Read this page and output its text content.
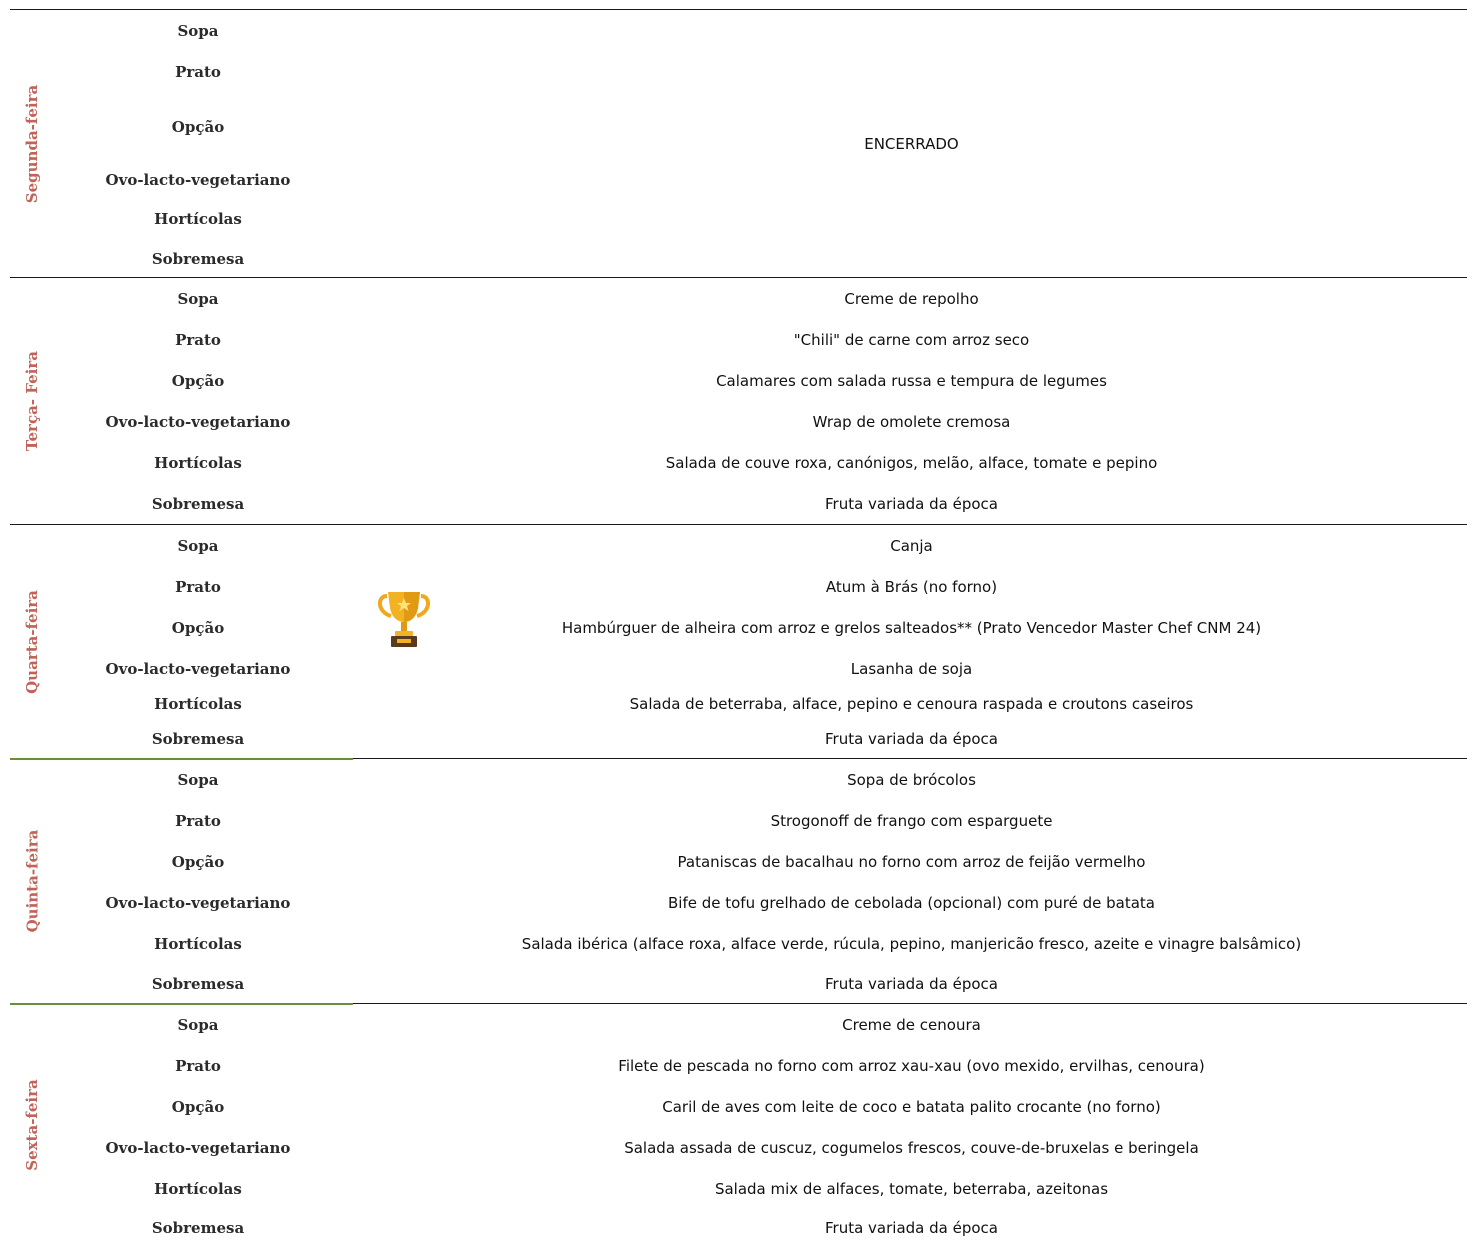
Segunda-feira
Sopa
Prato
Opção
Ovo-lacto-vegetariano
Hortícolas
Sobremesa
ENCERRADO
Terça- Feira
Sopa	Creme de repolho
Prato	"Chili" de carne com arroz seco
Opção	Calamares com salada russa e tempura de legumes
Ovo-lacto-vegetariano	Wrap de omolete cremosa
Hortícolas	Salada de couve roxa, canónigos, melão, alface, tomate e pepino
Sobremesa	Fruta variada da época
Quarta-feira
Sopa	Canja
Prato	Atum à Brás (no forno)
Opção	Hambúrguer de alheira com arroz e grelos salteados** (Prato Vencedor Master Chef CNM 24)
Ovo-lacto-vegetariano	Lasanha de soja
Hortícolas	Salada de beterraba, alface, pepino e cenoura raspada e croutons caseiros
Sobremesa	Fruta variada da época
Quinta-feira
Sopa	Sopa de brócolos
Prato	Strogonoff de frango com esparguete
Opção	Pataniscas de bacalhau no forno com arroz de feijão vermelho
Ovo-lacto-vegetariano	Bife de tofu grelhado de cebolada (opcional) com puré de batata
Hortícolas	Salada ibérica (alface roxa, alface verde, rúcula, pepino, manjericão fresco, azeite e vinagre balsâmico)
Sobremesa	Fruta variada da época
Sexta-feira
Sopa	Creme de cenoura
Prato	Filete de pescada no forno com arroz xau-xau (ovo mexido, ervilhas, cenoura)
Opção	Caril de aves com leite de coco e batata palito crocante (no forno)
Ovo-lacto-vegetariano	Salada assada de cuscuz, cogumelos frescos, couve-de-bruxelas e beringela
Hortícolas	Salada mix de alfaces, tomate, beterraba, azeitonas
Sobremesa	Fruta variada da época
